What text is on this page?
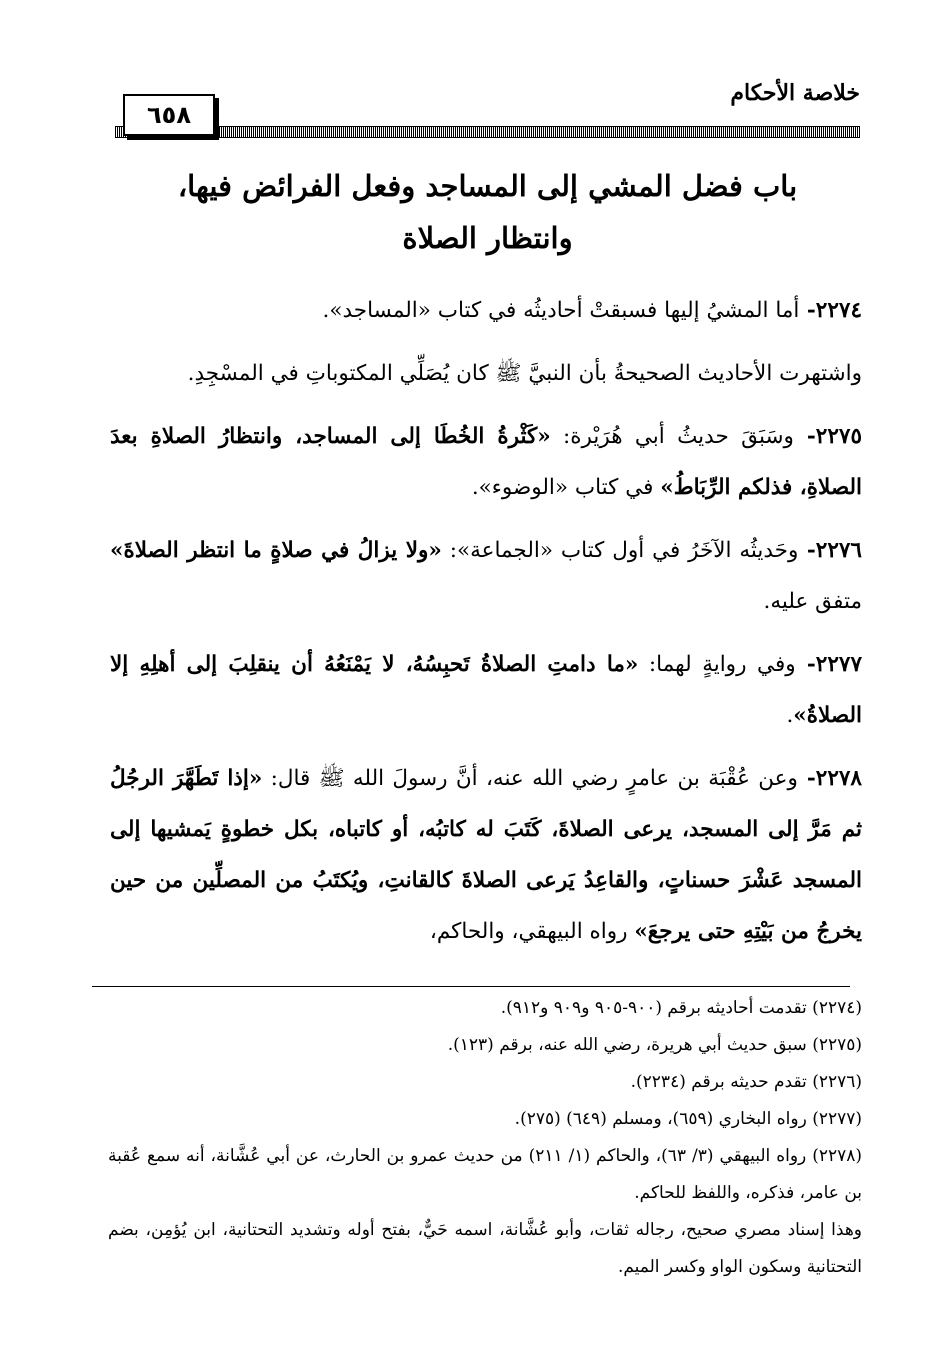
خلاصة الأحكام
٦٥٨
باب فضل المشي إلى المساجد وفعل الفرائض فيها،
وانتظار الصلاة

٢٢٧٤- أما المشيُ إليها فسبقتْ أحاديثُه في كتاب «المساجد».

واشتهرت الأحاديث الصحيحةُ بأن النبيَّ ﷺ كان يُصَلِّي المكتوباتِ في المسْجِدِ.

٢٢٧٥- وسَبَقَ حديثُ أبي هُرَيْرة: «كَثْرةُ الخُطَا إلى المساجد، وانتظارُ الصلاةِ بعدَ الصلاةِ، فذلكم الرِّبَاطُ» في كتاب «الوضوء».

٢٢٧٦- وحَديثُه الآخَرُ في أول كتاب «الجماعة»: «ولا يزالُ في صلاةٍ ما انتظر الصلاةَ» متفق عليه.

٢٢٧٧- وفي روايةٍ لهما: «ما دامتِ الصلاةُ تَحبِسُهُ، لا يَمْنَعُهُ أن ينقلِبَ إلى أهلِهِ إلا الصلاةُ».

٢٢٧٨- وعن عُقْبَة بن عامرٍ رضي الله عنه، أنَّ رسولَ الله ﷺ قال: «إذا تَطَهَّرَ الرجُلُ ثم مَرَّ إلى المسجد، يرعى الصلاةَ، كَتَبَ له كاتبُه، أو كاتباه، بكل خطوةٍ يَمشيها إلى المسجد عَشْرَ حسناتٍ، والقاعِدُ يَرعى الصلاةَ كالقانتِ، ويُكتَبُ من المصلِّين من حين يخرجُ من بَيْتِهِ حتى يرجعَ» رواه البيهقي، والحاكم،

(٢٢٧٤) تقدمت أحاديثه برقم (٩٠٠-٩٠٥ و٩٠٩ و٩١٢).

(٢٢٧٥) سبق حديث أبي هريرة، رضي الله عنه، برقم (١٢٣).

(٢٢٧٦) تقدم حديثه برقم (٢٢٣٤).

(٢٢٧٧) رواه البخاري (٦٥٩)، ومسلم (٦٤٩) (٢٧٥).

(٢٢٧٨) رواه البيهقي (٣/ ٦٣)، والحاكم (١/ ٢١١) من حديث عمرو بن الحارث، عن أبي عُشَّانة، أنه سمع عُقبة بن عامر، فذكره، واللفظ للحاكم.

وهذا إسناد مصري صحيح، رجاله ثقات، وأبو عُشَّانة، اسمه حَيٌّ، بفتح أوله وتشديد التحتانية، ابن يُؤمِن، بضم التحتانية وسكون الواو وكسر الميم.
